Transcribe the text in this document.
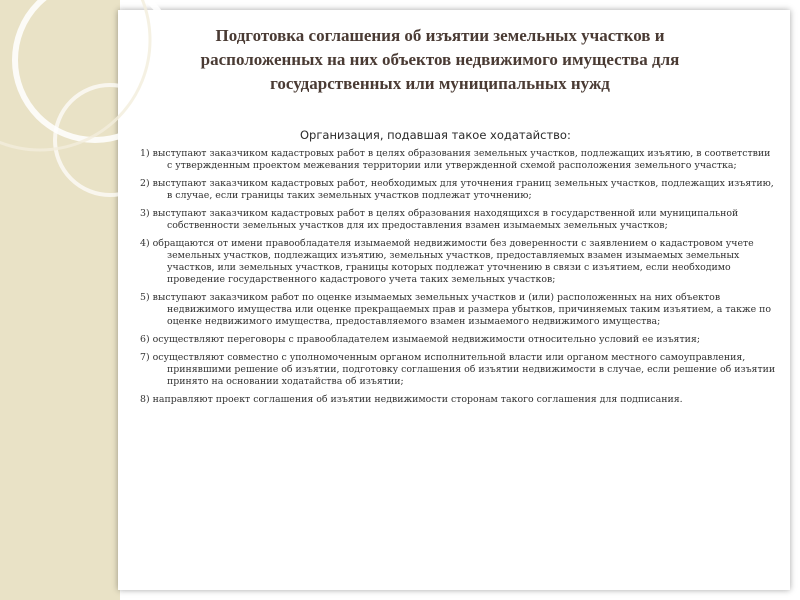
Подготовка соглашения об изъятии земельных участков и расположенных на них объектов недвижимого имущества для государственных или муниципальных нужд
Организация, подавшая такое ходатайство:
1) выступают заказчиком кадастровых работ в целях образования земельных участков, подлежащих изъятию, в соответствии с утвержденным проектом межевания территории или утвержденной схемой расположения земельного участка;
2) выступают заказчиком кадастровых работ, необходимых для уточнения границ земельных участков, подлежащих изъятию, в случае, если границы таких земельных участков подлежат уточнению;
3) выступают заказчиком кадастровых работ в целях образования находящихся в государственной или муниципальной собственности земельных участков для их предоставления взамен изымаемых земельных участков;
4) обращаются от имени правообладателя изымаемой недвижимости без доверенности с заявлением о кадастровом учете земельных участков, подлежащих изъятию, земельных участков, предоставляемых взамен изымаемых земельных участков, или земельных участков, границы которых подлежат уточнению в связи с изъятием, если необходимо проведение государственного кадастрового учета таких земельных участков;
5) выступают заказчиком работ по оценке изымаемых земельных участков и (или) расположенных на них объектов недвижимого имущества или оценке прекращаемых прав и размера убытков, причиняемых таким изъятием, а также по оценке недвижимого имущества, предоставляемого взамен изымаемого недвижимого имущества;
6) осуществляют переговоры с правообладателем изымаемой недвижимости относительно условий ее изъятия;
7) осуществляют совместно с уполномоченным органом исполнительной власти или органом местного самоуправления, принявшими решение об изъятии, подготовку соглашения об изъятии недвижимости в случае, если решение об изъятии принято на основании ходатайства об изъятии;
8) направляют проект соглашения об изъятии недвижимости сторонам такого соглашения для подписания.
